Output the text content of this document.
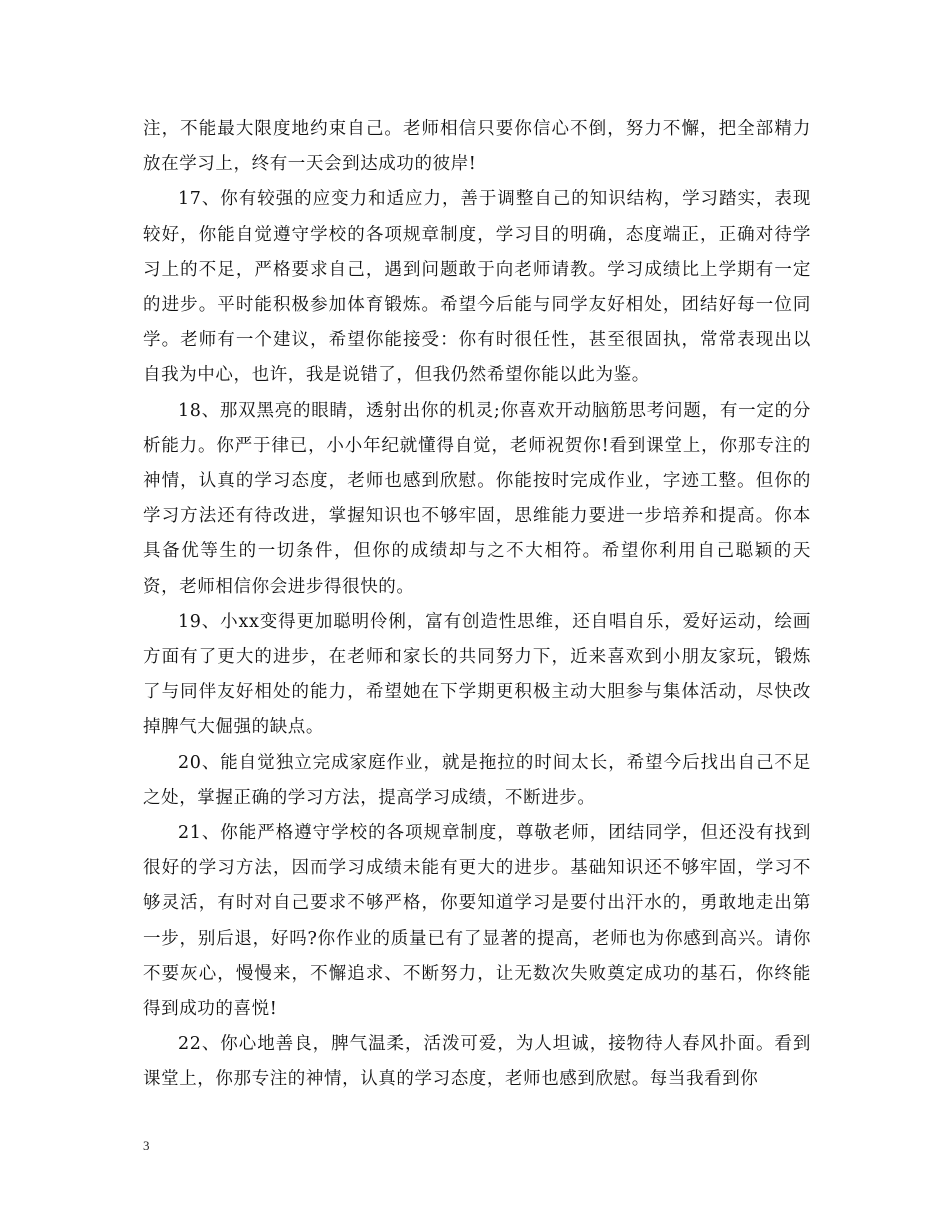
注，不能最大限度地约束自己。老师相信只要你信心不倒，努力不懈，把全部精力放在学习上，终有一天会到达成功的彼岸!

17、你有较强的应变力和适应力，善于调整自己的知识结构，学习踏实，表现较好，你能自觉遵守学校的各项规章制度，学习目的明确，态度端正，正确对待学习上的不足，严格要求自己，遇到问题敢于向老师请教。学习成绩比上学期有一定的进步。平时能积极参加体育锻炼。希望今后能与同学友好相处，团结好每一位同学。老师有一个建议，希望你能接受：你有时很任性，甚至很固执，常常表现出以自我为中心，也许，我是说错了，但我仍然希望你能以此为鉴。

18、那双黑亮的眼睛，透射出你的机灵;你喜欢开动脑筋思考问题，有一定的分析能力。你严于律已，小小年纪就懂得自觉，老师祝贺你!看到课堂上，你那专注的神情，认真的学习态度，老师也感到欣慰。你能按时完成作业，字迹工整。但你的学习方法还有待改进，掌握知识也不够牢固，思维能力要进一步培养和提高。你本具备优等生的一切条件，但你的成绩却与之不大相符。希望你利用自己聪颖的天资，老师相信你会进步得很快的。

19、小xx变得更加聪明伶俐，富有创造性思维，还自唱自乐，爱好运动，绘画方面有了更大的进步，在老师和家长的共同努力下，近来喜欢到小朋友家玩，锻炼了与同伴友好相处的能力，希望她在下学期更积极主动大胆参与集体活动，尽快改掉脾气大倔强的缺点。

20、能自觉独立完成家庭作业，就是拖拉的时间太长，希望今后找出自己不足之处，掌握正确的学习方法，提高学习成绩，不断进步。

21、你能严格遵守学校的各项规章制度，尊敬老师，团结同学，但还没有找到很好的学习方法，因而学习成绩未能有更大的进步。基础知识还不够牢固，学习不够灵活，有时对自己要求不够严格，你要知道学习是要付出汗水的，勇敢地走出第一步，别后退，好吗?你作业的质量已有了显著的提高，老师也为你感到高兴。请你不要灰心，慢慢来，不懈追求、不断努力，让无数次失败奠定成功的基石，你终能得到成功的喜悦!

22、你心地善良，脾气温柔，活泼可爱，为人坦诚，接物待人春风扑面。看到课堂上，你那专注的神情，认真的学习态度，老师也感到欣慰。每当我看到你

3
